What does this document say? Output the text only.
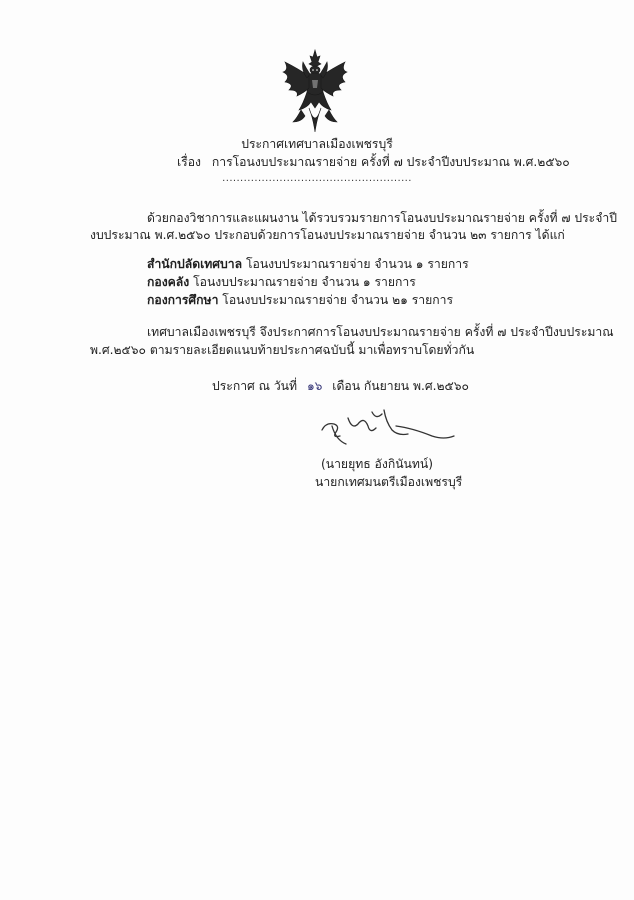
ประกาศเทศบาลเมืองเพชรบุรี
เรื่อง การโอนงบประมาณรายจ่าย ครั้งที่ ๗ ประจำปีงบประมาณ พ.ศ.๒๕๖๐
.....................................................
ด้วยกองวิชาการและแผนงาน ได้รวบรวมรายการโอนงบประมาณรายจ่าย ครั้งที่ ๗ ประจำปี
งบประมาณ พ.ศ.๒๕๖๐ ประกอบด้วยการโอนงบประมาณรายจ่าย จำนวน ๒๓ รายการ ได้แก่
สำนักปลัดเทศบาล โอนงบประมาณรายจ่าย จำนวน ๑ รายการ
กองคลัง โอนงบประมาณรายจ่าย จำนวน ๑ รายการ
กองการศึกษา โอนงบประมาณรายจ่าย จำนวน ๒๑ รายการ
เทศบาลเมืองเพชรบุรี จึงประกาศการโอนงบประมาณรายจ่าย ครั้งที่ ๗ ประจำปีงบประมาณ
พ.ศ.๒๕๖๐ ตามรายละเอียดแนบท้ายประกาศฉบับนี้ มาเพื่อทราบโดยทั่วกัน
ประกาศ ณ วันที่ ๑๖ เดือน กันยายน พ.ศ.๒๕๖๐
(นายยุทธ อังกินันทน์)
นายกเทศมนตรีเมืองเพชรบุรี
